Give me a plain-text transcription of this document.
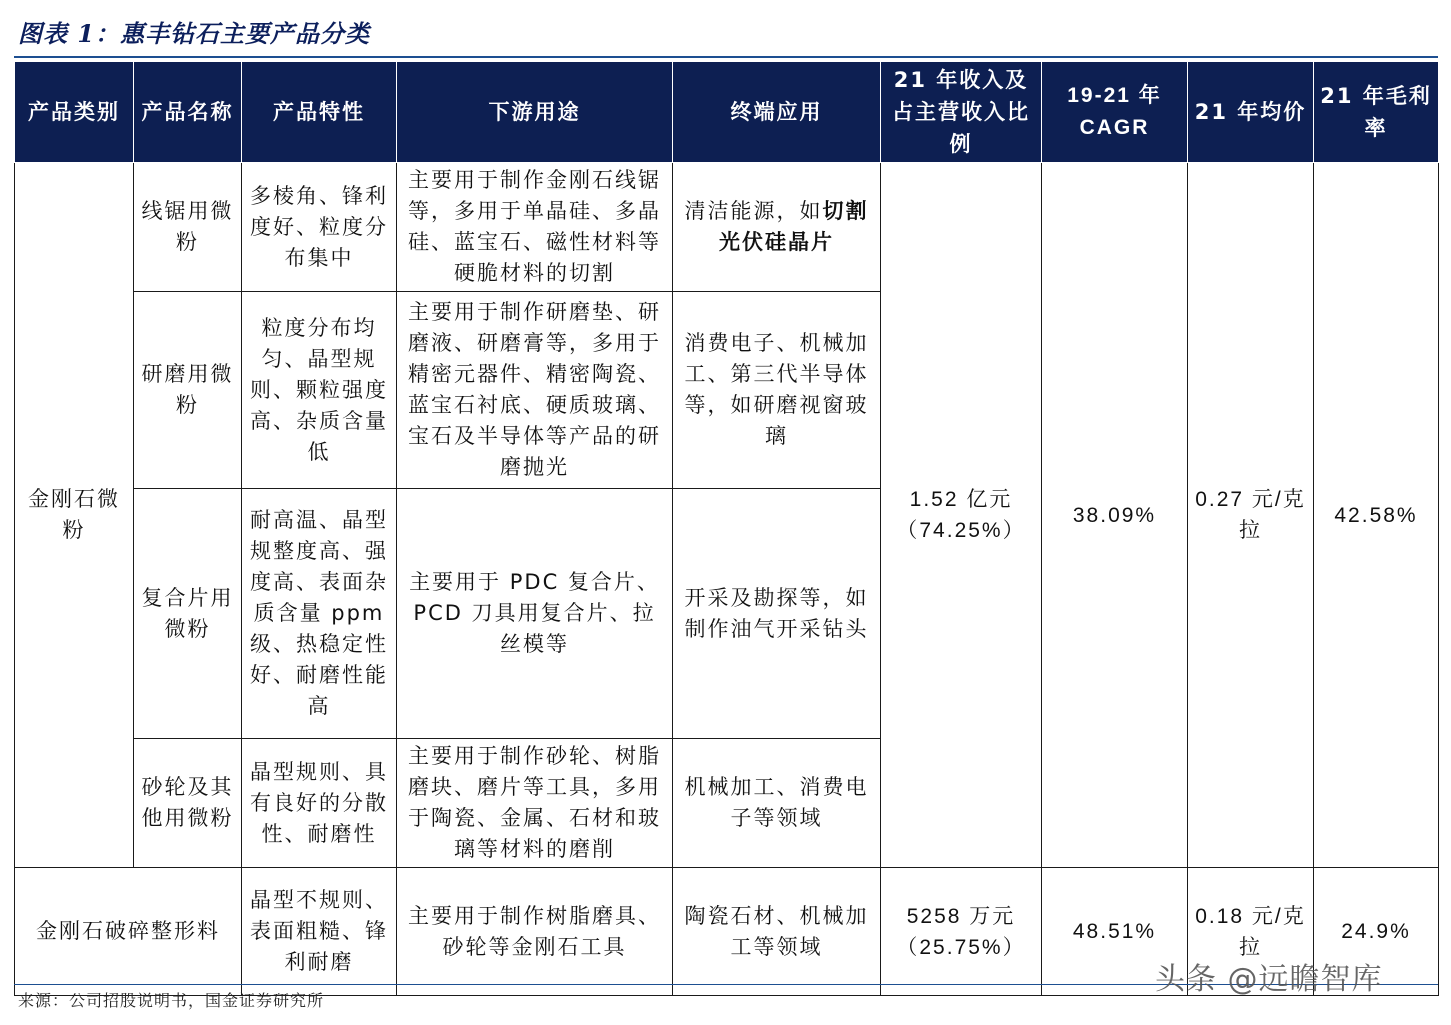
图表 1：惠丰钻石主要产品分类
产品类别	产品名称	产品特性	下游用途	终端应用	21 年收入及占主营收入比例	19-21 年 CAGR	21 年均价	21 年毛利率
金刚石微粉	线锯用微粉	多棱角、锋利度好、粒度分布集中	主要用于制作金刚石线锯等，多用于单晶硅、多晶硅、蓝宝石、磁性材料等硬脆材料的切割	清洁能源，如切割光伏硅晶片	1.52 亿元（74.25%）	38.09%	0.27 元/克拉	42.58%
	研磨用微粉	粒度分布均匀、晶型规则、颗粒强度高、杂质含量低	主要用于制作研磨垫、研磨液、研磨膏等，多用于精密元器件、精密陶瓷、蓝宝石衬底、硬质玻璃、宝石及半导体等产品的研磨抛光	消费电子、机械加工、第三代半导体等，如研磨视窗玻璃				
	复合片用微粉	耐高温、晶型规整度高、强度高、表面杂质含量 ppm 级、热稳定性好、耐磨性能高	主要用于 PDC 复合片、PCD 刀具用复合片、拉丝模等	开采及勘探等，如制作油气开采钻头				
	砂轮及其他用微粉	晶型规则、具有良好的分散性、耐磨性	主要用于制作砂轮、树脂磨块、磨片等工具，多用于陶瓷、金属、石材和玻璃等材料的磨削	机械加工、消费电子等领域				
金刚石破碎整形料		晶型不规则、表面粗糙、锋利耐磨	主要用于制作树脂磨具、砂轮等金刚石工具	陶瓷石材、机械加工等领域	5258 万元（25.75%）	48.51%	0.18 元/克拉	24.9%
来源：公司招股说明书，国金证券研究所
头条 @远瞻智库
